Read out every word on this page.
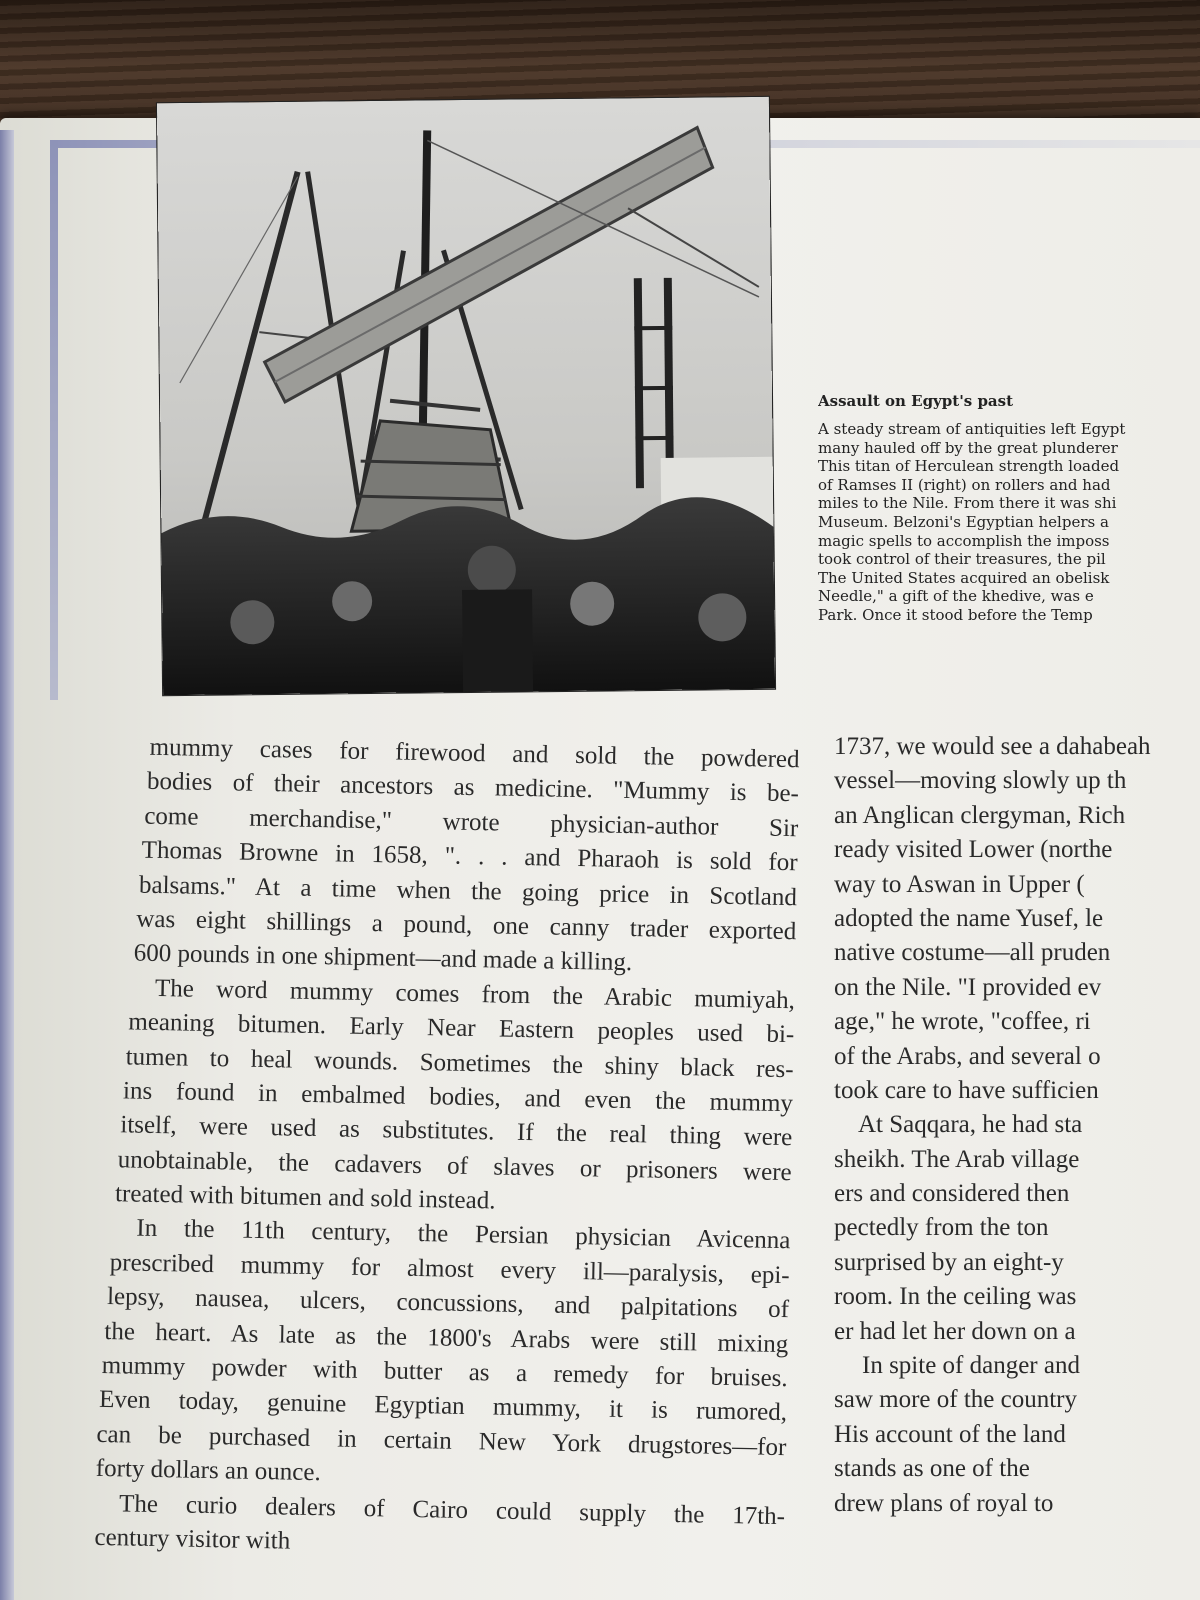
Assault on Egypt's past
A steady stream of antiquities left Egypt
many hauled off by the great plunderer
This titan of Herculean strength loaded
of Ramses II (right) on rollers and had
miles to the Nile. From there it was shi
Museum. Belzoni's Egyptian helpers a
magic spells to accomplish the imposs
took control of their treasures, the pil
The United States acquired an obelisk
Needle," a gift of the khedive, was e
Park. Once it stood before the Temp
mummy cases for firewood and sold the powdered
bodies of their ancestors as medicine. "Mummy is be-
come merchandise," wrote physician-author Sir
Thomas Browne in 1658, ". . . and Pharaoh is sold for
balsams." At a time when the going price in Scotland
was eight shillings a pound, one canny trader exported
600 pounds in one shipment—and made a killing.
The word mummy comes from the Arabic mumiyah,
meaning bitumen. Early Near Eastern peoples used bi-
tumen to heal wounds. Sometimes the shiny black res-
ins found in embalmed bodies, and even the mummy
itself, were used as substitutes. If the real thing were
unobtainable, the cadavers of slaves or prisoners were
treated with bitumen and sold instead.
In the 11th century, the Persian physician Avicenna
prescribed mummy for almost every ill—paralysis, epi-
lepsy, nausea, ulcers, concussions, and palpitations of
the heart. As late as the 1800's Arabs were still mixing
mummy powder with butter as a remedy for bruises.
Even today, genuine Egyptian mummy, it is rumored,
can be purchased in certain New York drugstores—for
forty dollars an ounce.
The curio dealers of Cairo could supply the 17th-
century visitor with
1737, we would see a dahabeah
vessel—moving slowly up th
an Anglican clergyman, Rich
ready visited Lower (northe
way to Aswan in Upper (
adopted the name Yusef, le
native costume—all pruden
on the Nile. "I provided ev
age," he wrote, "coffee, ri
of the Arabs, and several o
took care to have sufficien
At Saqqara, he had sta
sheikh. The Arab village
ers and considered then
pectedly from the ton
surprised by an eight-y
room. In the ceiling was
er had let her down on a
In spite of danger and
saw more of the country
His account of the land
stands as one of the
drew plans of royal to
